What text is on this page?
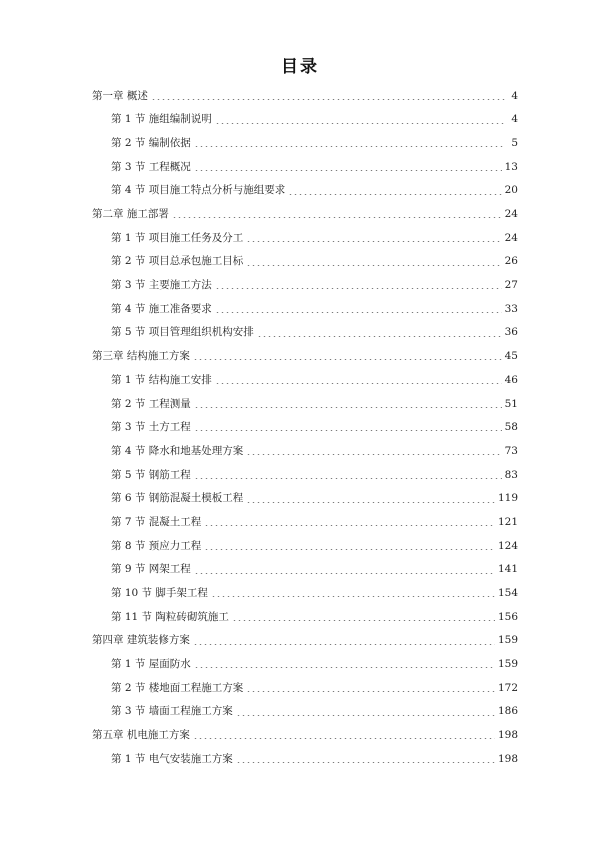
目录
第一章 概述	4
第 1 节 施组编制说明	4
第 2 节 编制依据	5
第 3 节 工程概况	13
第 4 节 项目施工特点分析与施组要求	20
第二章 施工部署	24
第 1 节 项目施工任务及分工	24
第 2 节 项目总承包施工目标	26
第 3 节 主要施工方法	27
第 4 节 施工准备要求	33
第 5 节 项目管理组织机构安排	36
第三章 结构施工方案	45
第 1 节 结构施工安排	46
第 2 节 工程测量	51
第 3 节 土方工程	58
第 4 节 降水和地基处理方案	73
第 5 节 钢筋工程	83
第 6 节 钢筋混凝土模板工程	119
第 7 节 混凝土工程	121
第 8 节 预应力工程	124
第 9 节 网架工程	141
第 10 节 脚手架工程	154
第 11 节 陶粒砖砌筑施工	156
第四章 建筑装修方案	159
第 1 节 屋面防水	159
第 2 节 楼地面工程施工方案	172
第 3 节 墙面工程施工方案	186
第五章 机电施工方案	198
第 1 节 电气安装施工方案	198
